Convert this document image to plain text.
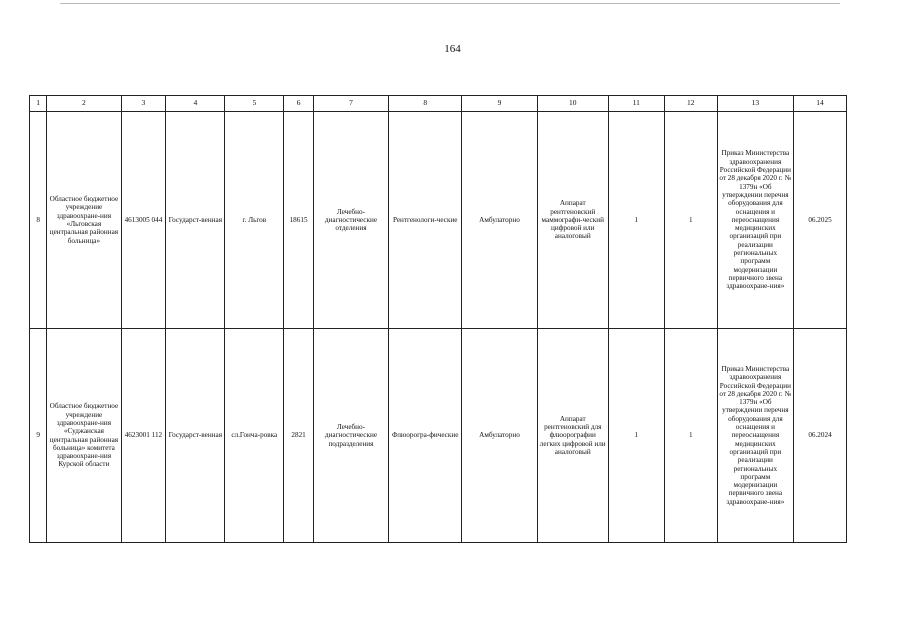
164
1	2	3	4	5	6	7	8	9	10	11	12	13	14
8	Областное бюджетное учреждение здравоохране-ния «Льговская центральная районная больница»	4613005 044	Государст-венная	г. Льгов	18615	Лечебно-диагностические отделения	Рентгенологи-ческие	Амбулаторно	Аппарат рентгеновский маммографи-ческий цифровой или аналоговый	1	1	Приказ Министерства здравоохранения Российской Федерации от 28 декабря 2020 г. № 1379н «Об утверждении перечня оборудования для оснащения и переоснащения медицинских организаций при реализации региональных программ модернизации первичного звена здравоохране-ния»	06.2025
9	Областное бюджетное учреждение здравоохране-ния «Суджанская центральная районная больница» комитета здравоохране-ния Курской области	4623001 112	Государст-венная	сл.Гонча-ровка	2821	Лечебно-диагностические подразделения	Флюорогра-фические	Амбулаторно	Аппарат рентгеновский для флюорографии легких цифровой или аналоговый	1	1	Приказ Министерства здравоохранения Российской Федерации от 28 декабря 2020 г. № 1379н «Об утверждении перечня оборудования для оснащения и переоснащения медицинских организаций при реализации региональных программ модернизации первичного звена здравоохране-ния»	06.2024
